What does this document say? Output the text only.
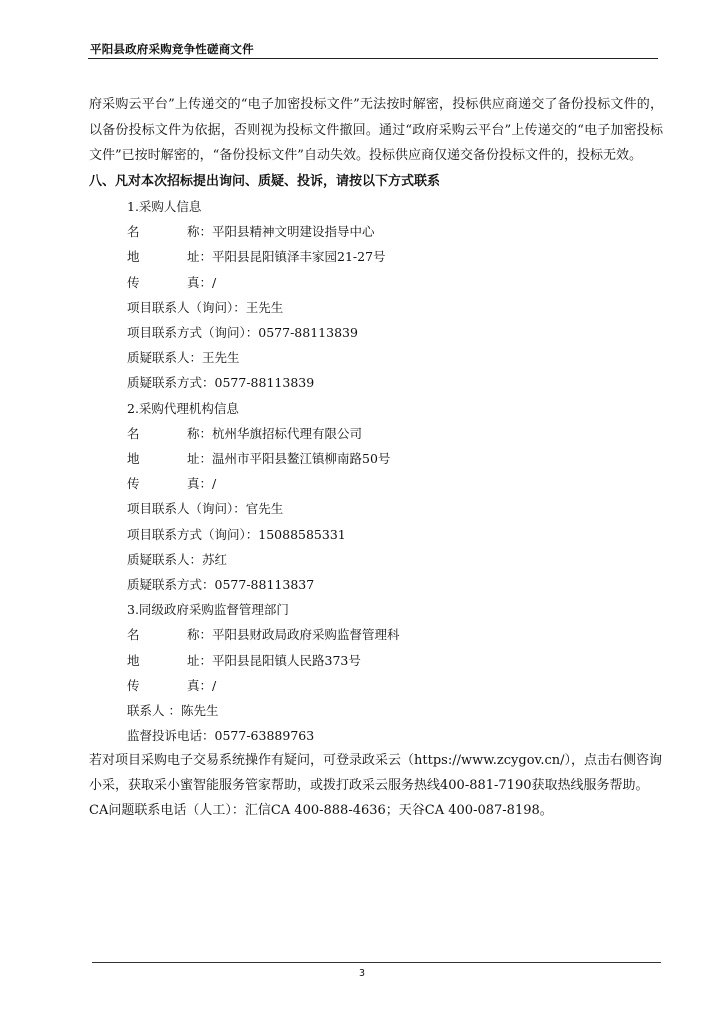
平阳县政府采购竞争性磋商文件

府采购云平台”上传递交的“电子加密投标文件”无法按时解密，投标供应商递交了备份投标文件的，以备份投标文件为依据，否则视为投标文件撤回。通过“政府采购云平台”上传递交的“电子加密投标文件”已按时解密的，“备份投标文件”自动失效。投标供应商仅递交备份投标文件的，投标无效。

八、凡对本次招标提出询问、质疑、投诉，请按以下方式联系

1.采购人信息
名	称：平阳县精神文明建设指导中心
地	址：平阳县昆阳镇泽丰家园21-27号
传	真：/
项目联系人（询问）：王先生
项目联系方式（询问）：0577-88113839
质疑联系人：王先生
质疑联系方式：0577-88113839
2.采购代理机构信息
名	称：杭州华旗招标代理有限公司
地	址：温州市平阳县鳌江镇柳南路50号
传	真：/
项目联系人（询问）：官先生
项目联系方式（询问）：15088585331
质疑联系人：苏红
质疑联系方式：0577-88113837
3.同级政府采购监督管理部门
名	称：平阳县财政局政府采购监督管理科
地	址：平阳县昆阳镇人民路373号
传	真：/
联系人 ：陈先生
监督投诉电话：0577-63889763

若对项目采购电子交易系统操作有疑问，可登录政采云（https://www.zcygov.cn/），点击右侧咨询小采，获取采小蜜智能服务管家帮助，或拨打政采云服务热线400-881-7190获取热线服务帮助。

CA问题联系电话（人工）：汇信CA 400-888-4636；天谷CA 400-087-8198。

3
